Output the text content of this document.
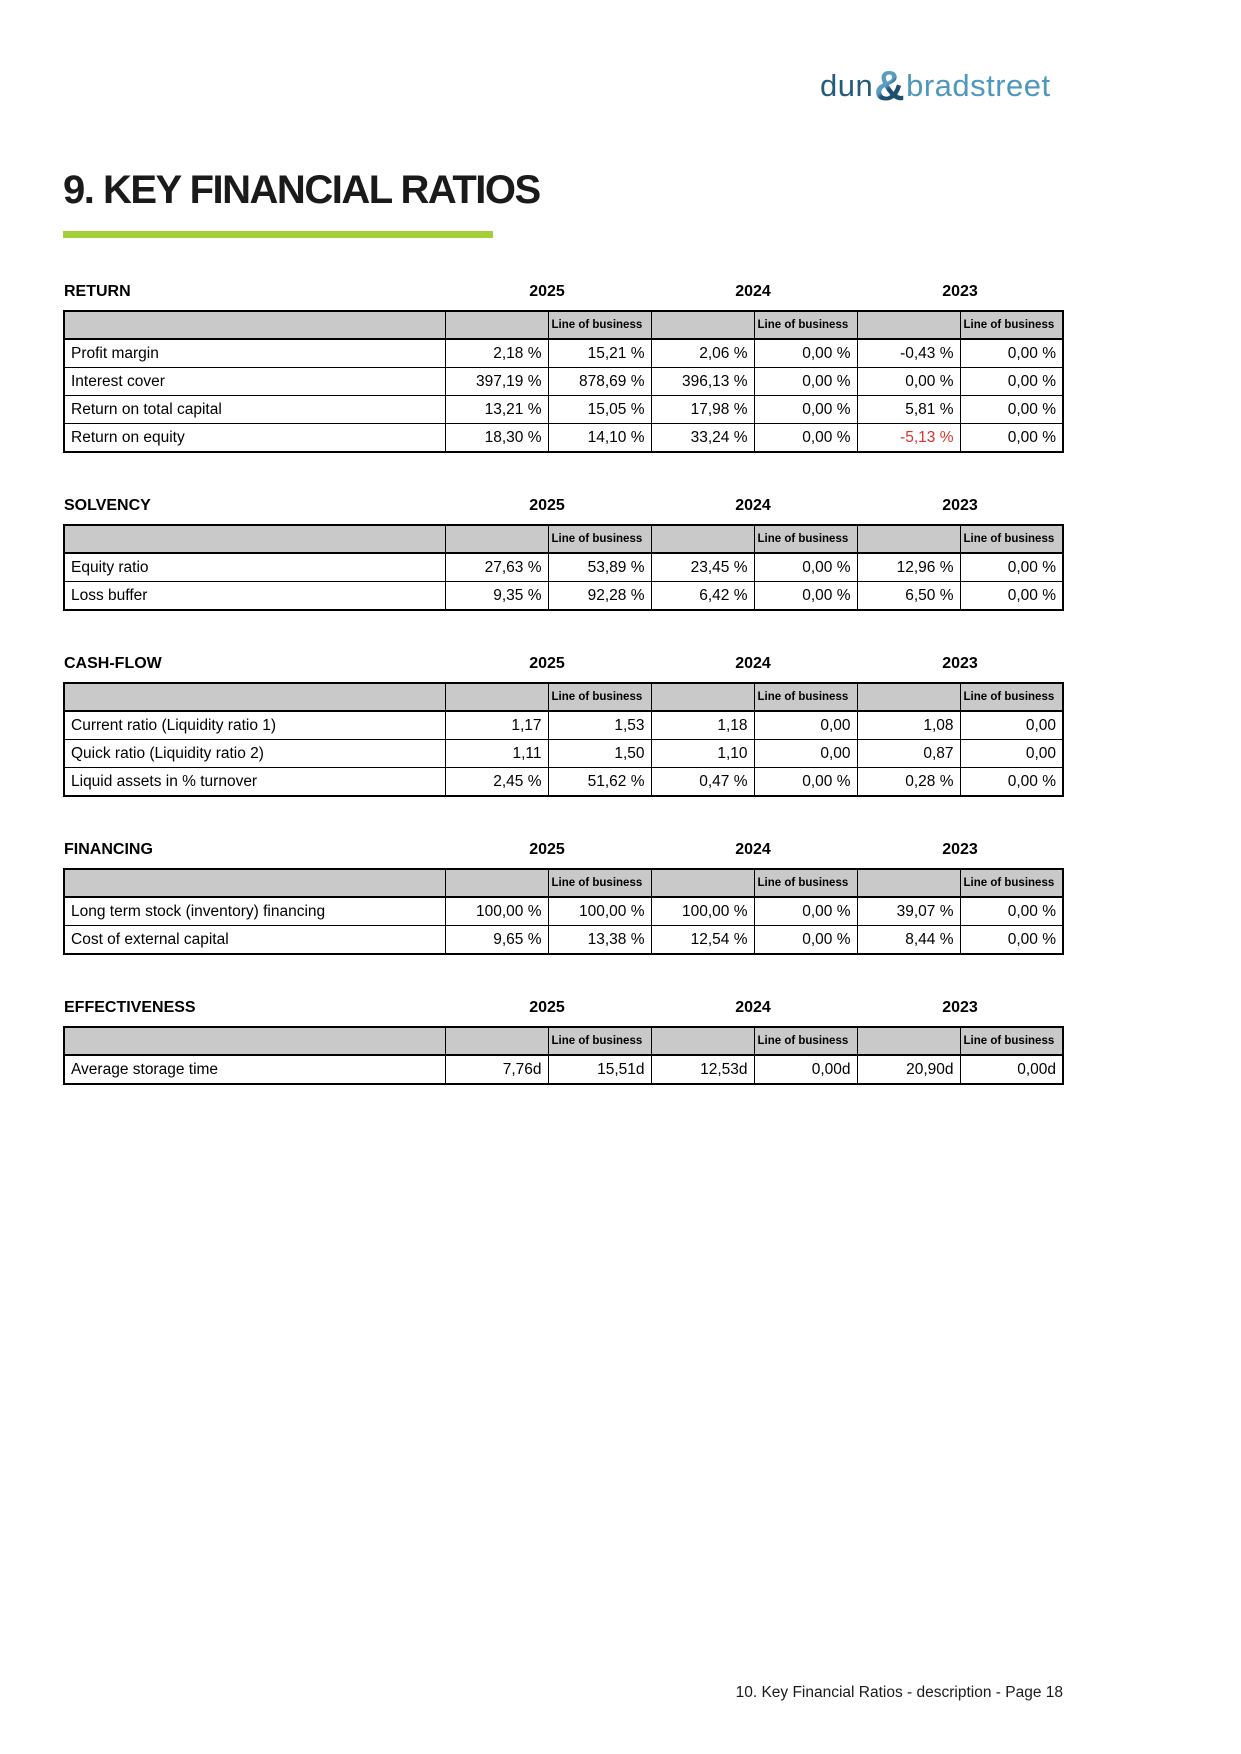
dun&bradstreet
9. KEY FINANCIAL RATIOS
RETURN	2025	2024	2023
		Line of business		Line of business		Line of business
Profit margin	2,18 %	15,21 %	2,06 %	0,00 %	-0,43 %	0,00 %
Interest cover	397,19 %	878,69 %	396,13 %	0,00 %	0,00 %	0,00 %
Return on total capital	13,21 %	15,05 %	17,98 %	0,00 %	5,81 %	0,00 %
Return on equity	18,30 %	14,10 %	33,24 %	0,00 %	-5,13 %	0,00 %
SOLVENCY	2025	2024	2023
		Line of business		Line of business		Line of business
Equity ratio	27,63 %	53,89 %	23,45 %	0,00 %	12,96 %	0,00 %
Loss buffer	9,35 %	92,28 %	6,42 %	0,00 %	6,50 %	0,00 %
CASH-FLOW	2025	2024	2023
		Line of business		Line of business		Line of business
Current ratio (Liquidity ratio 1)	1,17	1,53	1,18	0,00	1,08	0,00
Quick ratio (Liquidity ratio 2)	1,11	1,50	1,10	0,00	0,87	0,00
Liquid assets in % turnover	2,45 %	51,62 %	0,47 %	0,00 %	0,28 %	0,00 %
FINANCING	2025	2024	2023
		Line of business		Line of business		Line of business
Long term stock (inventory) financing	100,00 %	100,00 %	100,00 %	0,00 %	39,07 %	0,00 %
Cost of external capital	9,65 %	13,38 %	12,54 %	0,00 %	8,44 %	0,00 %
EFFECTIVENESS	2025	2024	2023
		Line of business		Line of business		Line of business
Average storage time	7,76d	15,51d	12,53d	0,00d	20,90d	0,00d
10. Key Financial Ratios - description - Page 18
